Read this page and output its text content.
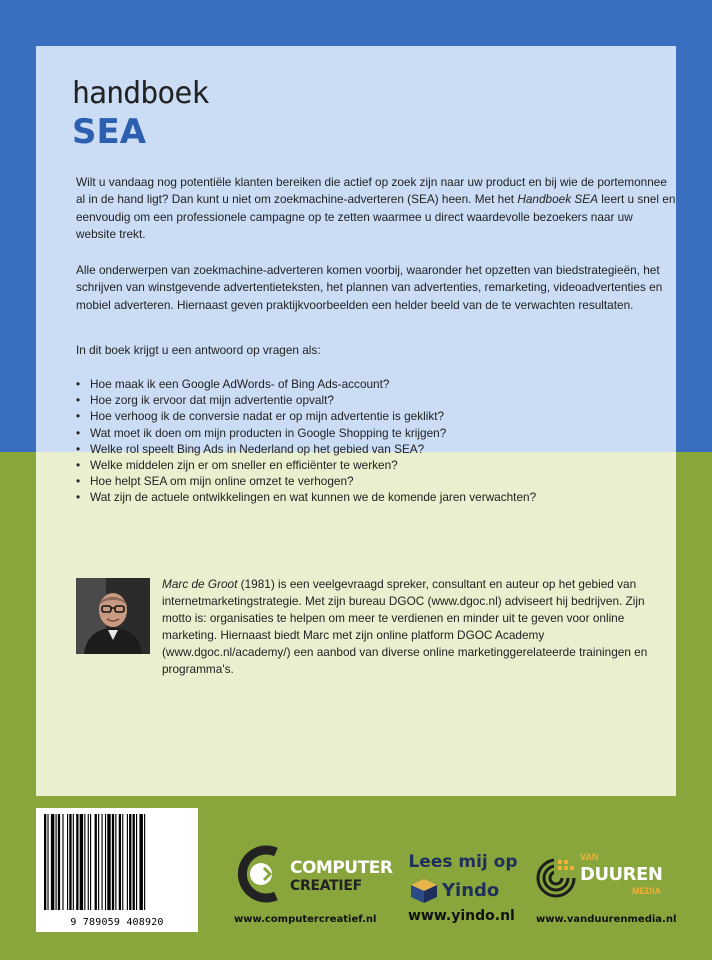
handboek
SEA

Wilt u vandaag nog potentiële klanten bereiken die actief op zoek zijn naar uw product en bij wie de portemonnee al in de hand ligt? Dan kunt u niet om zoekmachine-adverteren (SEA) heen. Met het Handboek SEA leert u snel en eenvoudig om een professionele campagne op te zetten waarmee u direct waardevolle bezoekers naar uw website trekt.

Alle onderwerpen van zoekmachine-adverteren komen voorbij, waaronder het opzetten van biedstrategieën, het schrijven van winstgevende advertentieteksten, het plannen van advertenties, remarketing, videoadvertenties en mobiel adverteren. Hiernaast geven praktijkvoorbeelden een helder beeld van de te verwachten resultaten.

In dit boek krijgt u een antwoord op vragen als:

• Hoe maak ik een Google AdWords- of Bing Ads-account?
• Hoe zorg ik ervoor dat mijn advertentie opvalt?
• Hoe verhoog ik de conversie nadat er op mijn advertentie is geklikt?
• Wat moet ik doen om mijn producten in Google Shopping te krijgen?
• Welke rol speelt Bing Ads in Nederland op het gebied van SEA?
• Welke middelen zijn er om sneller en efficiënter te werken?
• Hoe helpt SEA om mijn online omzet te verhogen?
• Wat zijn de actuele ontwikkelingen en wat kunnen we de komende jaren verwachten?

Marc de Groot (1981) is een veelgevraagd spreker, consultant en auteur op het gebied van internetmarketingstrategie. Met zijn bureau DGOC (www.dgoc.nl) adviseert hij bedrijven. Zijn motto is: organisaties te helpen om meer te verdienen en minder uit te geven voor online marketing. Hiernaast biedt Marc met zijn online platform DGOC Academy (www.dgoc.nl/academy/) een aanbod van diverse online marketinggerelateerde trainingen en programma's.

9 789059 408920
COMPUTER
CREATIEF
Lees mij op
Yindo
VAN
DUUREN
MEDIA
www.computercreatief.nl www.yindo.nl www.vanduurenmedia.nl
